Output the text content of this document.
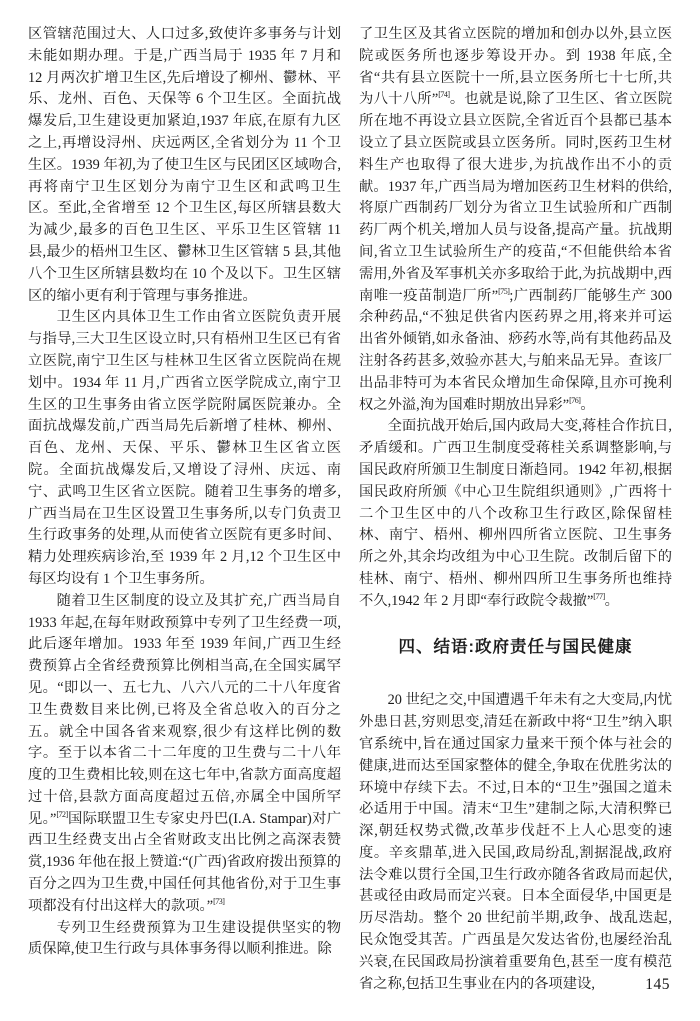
区管辖范围过大、人口过多,致使许多事务与计划未能如期办理。于是,广西当局于 1935 年 7 月和 12 月两次扩增卫生区,先后增设了柳州、鬱林、平乐、龙州、百色、天保等 6 个卫生区。全面抗战爆发后,卫生建设更加紧迫,1937 年底,在原有九区之上,再增设浔州、庆远两区,全省划分为 11 个卫生区。1939 年初,为了使卫生区与民团区区域吻合,再将南宁卫生区划分为南宁卫生区和武鸣卫生区。至此,全省增至 12 个卫生区,每区所辖县数大为减少,最多的百色卫生区、平乐卫生区管辖 11 县,最少的梧州卫生区、鬱林卫生区管辖 5 县,其他八个卫生区所辖县数均在 10 个及以下。卫生区辖区的缩小更有利于管理与事务推进。

卫生区内具体卫生工作由省立医院负责开展与指导,三大卫生区设立时,只有梧州卫生区已有省立医院,南宁卫生区与桂林卫生区省立医院尚在规划中。1934 年 11 月,广西省立医学院成立,南宁卫生区的卫生事务由省立医学院附属医院兼办。全面抗战爆发前,广西当局先后新增了桂林、柳州、百色、龙州、天保、平乐、鬱林卫生区省立医院。全面抗战爆发后,又增设了浔州、庆远、南宁、武鸣卫生区省立医院。随着卫生事务的增多,广西当局在卫生区设置卫生事务所,以专门负责卫生行政事务的处理,从而使省立医院有更多时间、精力处理疾病诊治,至 1939 年 2 月,12 个卫生区中每区均设有 1 个卫生事务所。

随着卫生区制度的设立及其扩充,广西当局自 1933 年起,在每年财政预算中专列了卫生经费一项,此后逐年增加。1933 年至 1939 年间,广西卫生经费预算占全省经费预算比例相当高,在全国实属罕见。“即以一、五七九、八六八元的二十八年度省卫生费数目来比例,已将及全省总收入的百分之五。就全中国各省来观察,很少有这样比例的数字。至于以本省二十二年度的卫生费与二十八年度的卫生费相比较,则在这七年中,省款方面高度超过十倍,县款方面高度超过五倍,亦属全中国所罕见。”[72]国际联盟卫生专家史丹巴(I.A. Stampar)对广西卫生经费支出占全省财政支出比例之高深表赞赏,1936 年他在报上赞道:“(广西)省政府拨出预算的百分之四为卫生费,中国任何其他省份,对于卫生事项都没有付出这样大的款项。”[73]

专列卫生经费预算为卫生建设提供坚实的物质保障,使卫生行政与具体事务得以顺利推进。除

了卫生区及其省立医院的增加和创办以外,县立医院或医务所也逐步筹设开办。到 1938 年底,全省“共有县立医院十一所,县立医务所七十七所,共为八十八所”[74]。也就是说,除了卫生区、省立医院所在地不再设立县立医院,全省近百个县都已基本设立了县立医院或县立医务所。同时,医药卫生材料生产也取得了很大进步,为抗战作出不小的贡献。1937 年,广西当局为增加医药卫生材料的供给,将原广西制药厂划分为省立卫生试验所和广西制药厂两个机关,增加人员与设备,提高产量。抗战期间,省立卫生试验所生产的疫苗,“不但能供给本省需用,外省及军事机关亦多取给于此,为抗战期中,西南唯一疫苗制造厂所”[75];广西制药厂能够生产 300 余种药品,“不独足供省内医药界之用,将来并可运出省外倾销,如永备油、痧药水等,尚有其他药品及注射各药甚多,效验亦甚大,与舶来品无异。查该厂出品非特可为本省民众增加生命保障,且亦可挽利权之外溢,洵为国难时期放出异彩”[76]。

全面抗战开始后,国内政局大变,蒋桂合作抗日,矛盾缓和。广西卫生制度受蒋桂关系调整影响,与国民政府所颁卫生制度日渐趋同。1942 年初,根据国民政府所颁《中心卫生院组织通则》,广西将十二个卫生区中的八个改称卫生行政区,除保留桂林、南宁、梧州、柳州四所省立医院、卫生事务所之外,其余均改组为中心卫生院。改制后留下的桂林、南宁、梧州、柳州四所卫生事务所也维持不久,1942 年 2 月即“奉行政院令裁撤”[77]。

四、结语:政府责任与国民健康

20 世纪之交,中国遭遇千年未有之大变局,内忧外患日甚,穷则思变,清廷在新政中将“卫生”纳入职官系统中,旨在通过国家力量来干预个体与社会的健康,进而达至国家整体的健全,争取在优胜劣汰的环境中存续下去。不过,日本的“卫生”强国之道未必适用于中国。清末“卫生”建制之际,大清积弊已深,朝廷权势式微,改革步伐赶不上人心思变的速度。辛亥鼎革,进入民国,政局纷乱,割据混战,政府法令难以贯行全国,卫生行政亦随各省政局而起伏,甚或径由政局而定兴衰。日本全面侵华,中国更是历尽浩劫。整个 20 世纪前半期,政争、战乱迭起,民众饱受其苦。广西虽是欠发达省份,也屡经治乱兴衰,在民国政局扮演着重要角色,甚至一度有模范省之称,包括卫生事业在内的各项建设,	145
